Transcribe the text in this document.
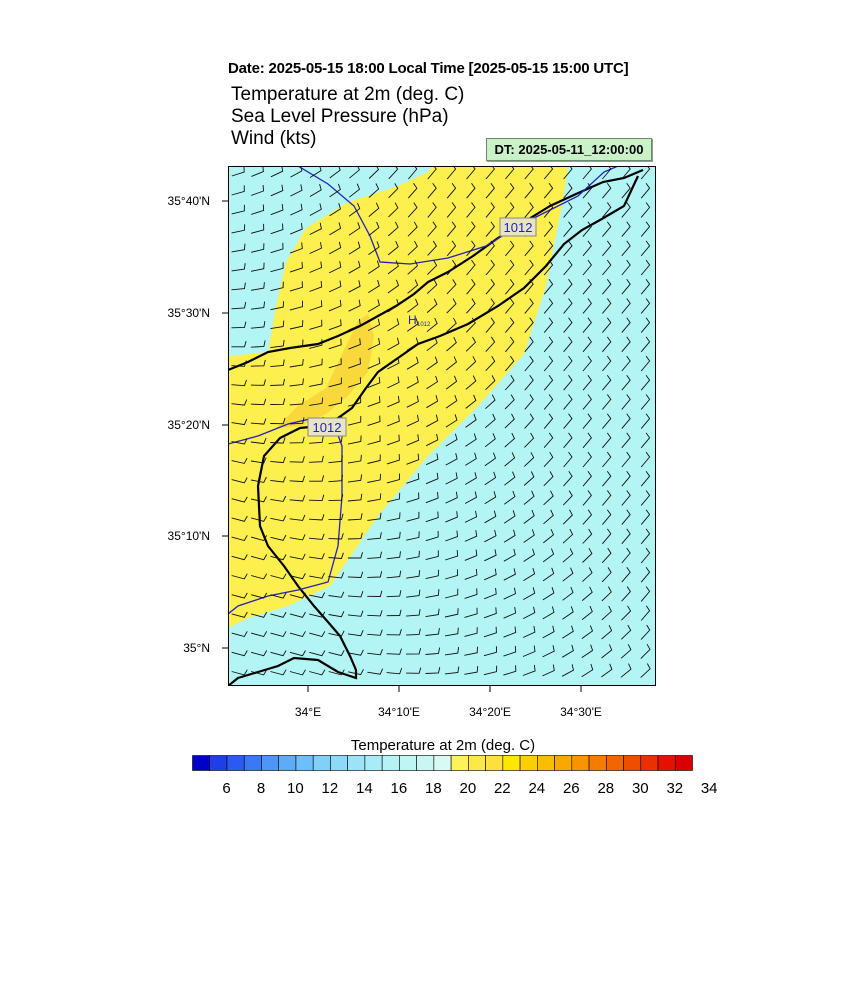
Date: 2025-05-15 18:00 Local Time [2025-05-15 15:00 UTC]
Temperature at 2m (deg. C)
Sea Level Pressure (hPa)
Wind (kts)
DT: 2025-05-11_12:00:00
1012
1012
H 1012
35°40'N
35°30'N
35°20'N
35°10'N
35°N
34°E	34°10'E	34°20'E	34°30'E
Temperature at 2m (deg. C)
6	8	10	12	14	16	18	20	22	24	26	28	30	32	34
